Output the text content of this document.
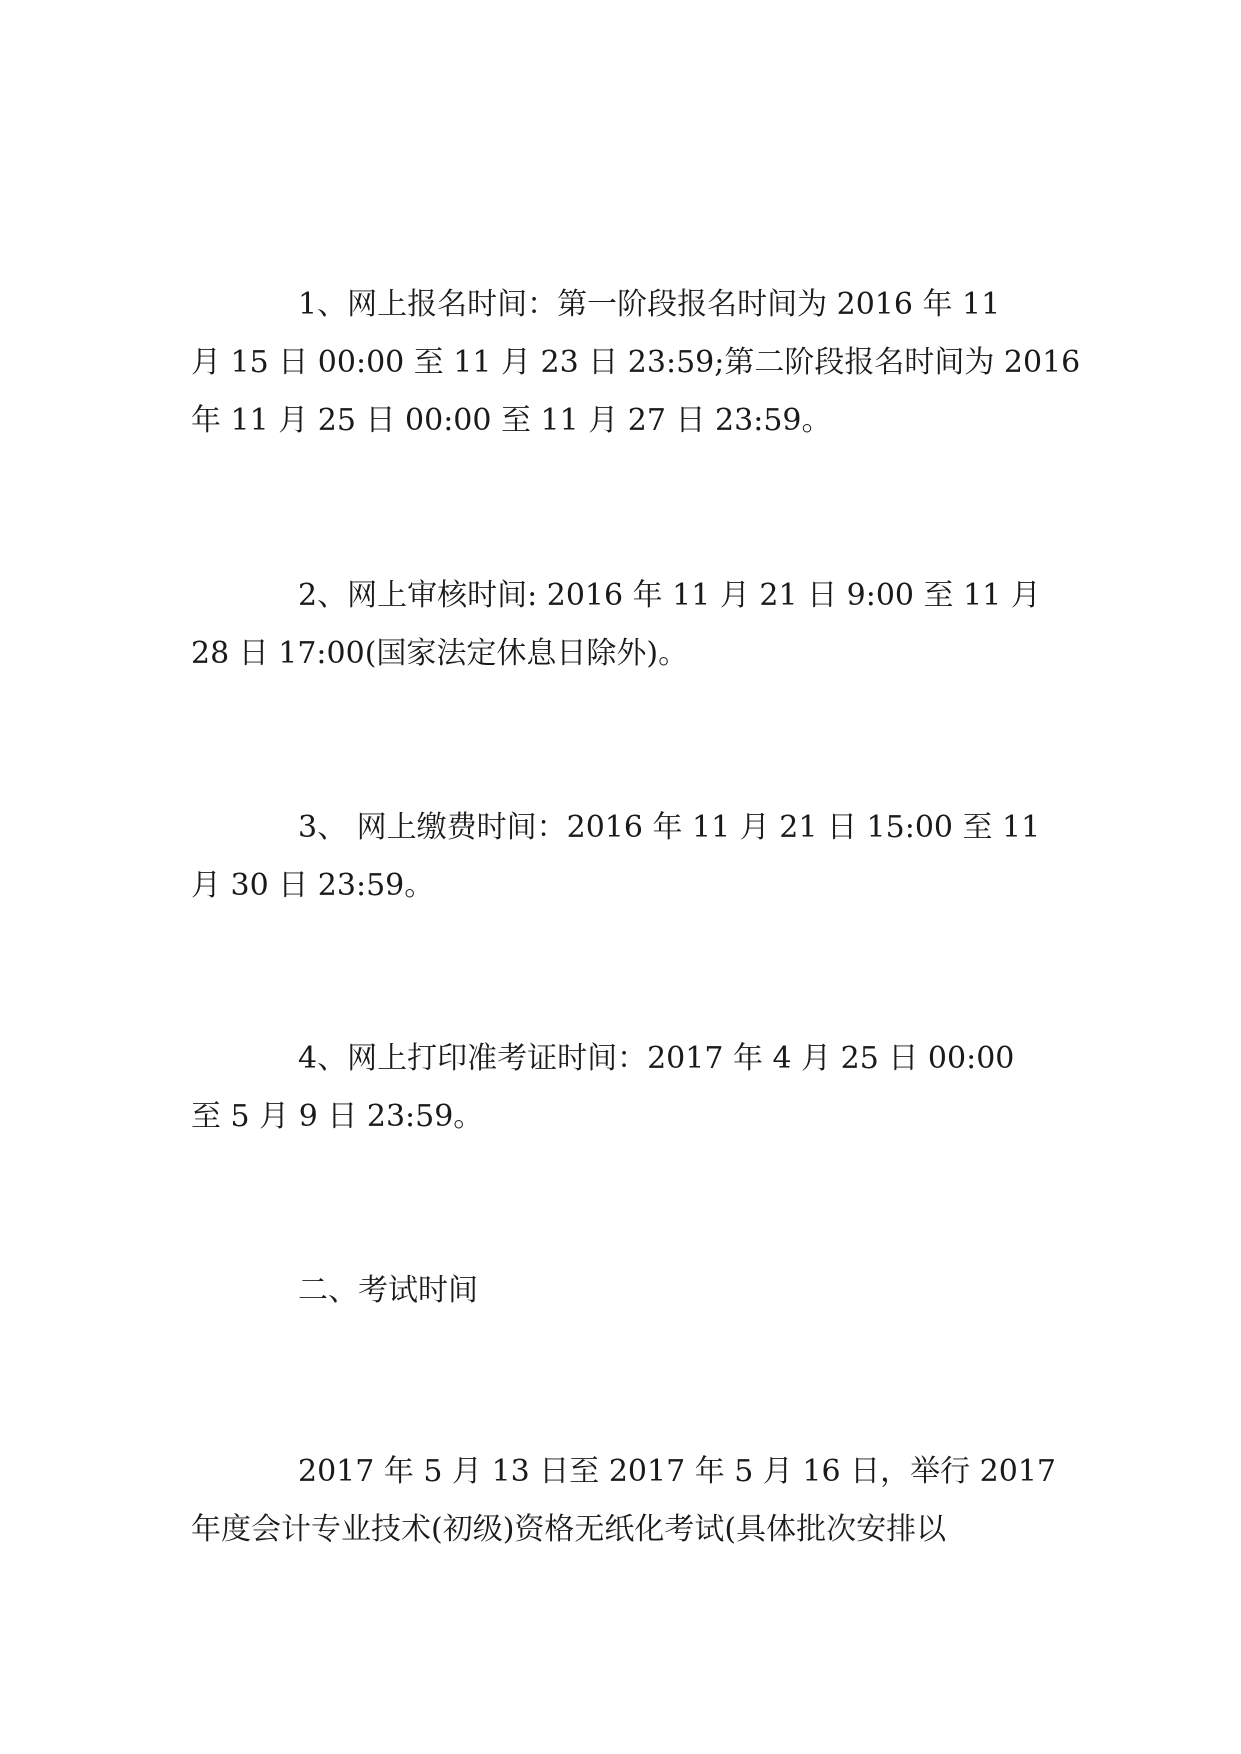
1、网上报名时间：第一阶段报名时间为 2016 年 11
月 15 日 00:00 至 11 月 23 日 23:59;第二阶段报名时间为 2016
年 11 月 25 日 00:00 至 11 月 27 日 23:59。
2、网上审核时间: 2016 年 11 月 21 日 9:00 至 11 月
28 日 17:00(国家法定休息日除外)。
3、 网上缴费时间：2016 年 11 月 21 日 15:00 至 11
月 30 日 23:59。
4、网上打印准考证时间：2017 年 4 月 25 日 00:00
至 5 月 9 日 23:59。
二、考试时间
2017 年 5 月 13 日至 2017 年 5 月 16 日，举行 2017
年度会计专业技术(初级)资格无纸化考试(具体批次安排以
